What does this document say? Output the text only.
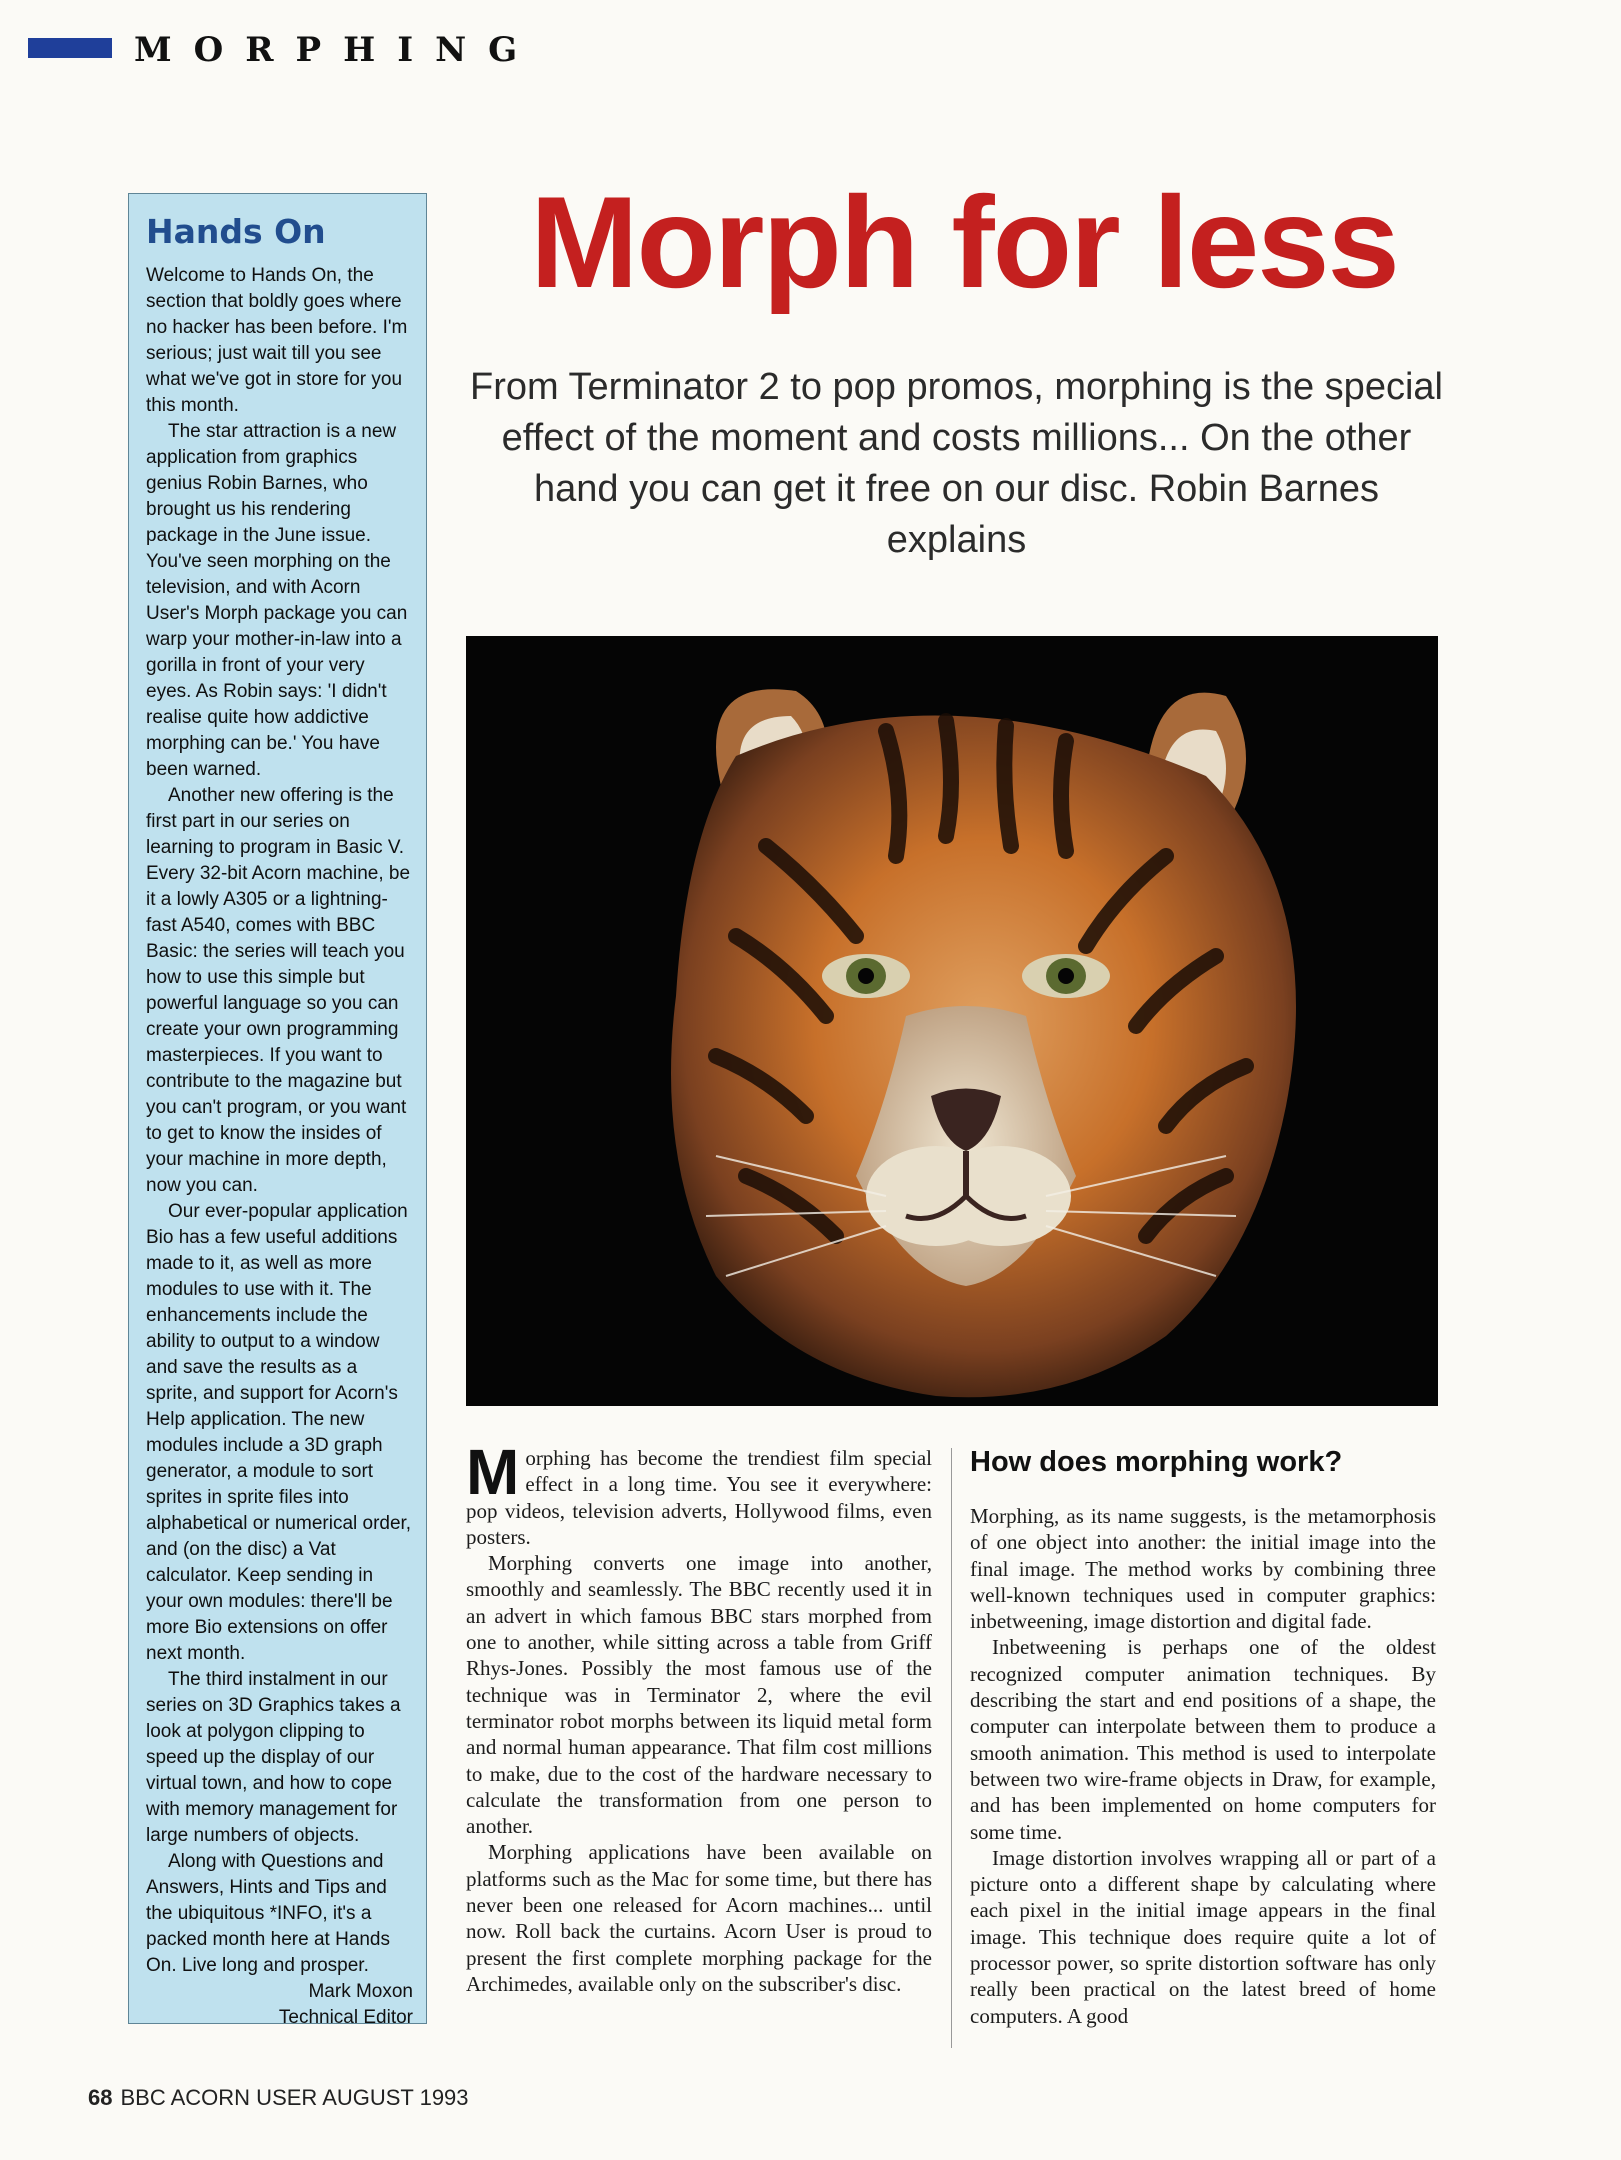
MORPHING
Hands On

Welcome to Hands On, the section that boldly goes where no hacker has been before. I'm serious; just wait till you see what we've got in store for you this month.

The star attraction is a new application from graphics genius Robin Barnes, who brought us his rendering package in the June issue. You've seen morphing on the television, and with Acorn User's Morph package you can warp your mother-in-law into a gorilla in front of your very eyes. As Robin says: 'I didn't realise quite how addictive morphing can be.' You have been warned.

Another new offering is the first part in our series on learning to program in Basic V. Every 32-bit Acorn machine, be it a lowly A305 or a lightning-fast A540, comes with BBC Basic: the series will teach you how to use this simple but powerful language so you can create your own programming masterpieces. If you want to contribute to the magazine but you can't program, or you want to get to know the insides of your machine in more depth, now you can.

Our ever-popular application Bio has a few useful additions made to it, as well as more modules to use with it. The enhancements include the ability to output to a window and save the results as a sprite, and support for Acorn's Help application. The new modules include a 3D graph generator, a module to sort sprites in sprite files into alphabetical or numerical order, and (on the disc) a Vat calculator. Keep sending in your own modules: there'll be more Bio extensions on offer next month.

The third instalment in our series on 3D Graphics takes a look at polygon clipping to speed up the display of our virtual town, and how to cope with memory management for large numbers of objects.

Along with Questions and Answers, Hints and Tips and the ubiquitous *INFO, it's a packed month here at Hands On. Live long and prosper.

Mark Moxon

Technical Editor

Morph for less
From Terminator 2 to pop promos, morphing is the special effect of the moment and costs millions... On the other hand you can get it free on our disc. Robin Barnes explains

Morphing has become the trendiest film special effect in a long time. You see it everywhere: pop videos, television adverts, Hollywood films, even posters.

Morphing converts one image into another, smoothly and seamlessly. The BBC recently used it in an advert in which famous BBC stars morphed from one to another, while sitting across a table from Griff Rhys-Jones. Possibly the most famous use of the technique was in Terminator 2, where the evil terminator robot morphs between its liquid metal form and normal human appearance. That film cost millions to make, due to the cost of the hardware necessary to calculate the transformation from one person to another.

Morphing applications have been available on platforms such as the Mac for some time, but there has never been one released for Acorn machines... until now. Roll back the curtains. Acorn User is proud to present the first complete morphing package for the Archimedes, available only on the subscriber's disc.

How does morphing work?

Morphing, as its name suggests, is the metamorphosis of one object into another: the initial image into the final image. The method works by combining three well-known techniques used in computer graphics: inbetweening, image distortion and digital fade.

Inbetweening is perhaps one of the oldest recognized computer animation techniques. By describing the start and end positions of a shape, the computer can interpolate between them to produce a smooth animation. This method is used to interpolate between two wire-frame objects in Draw, for example, and has been implemented on home computers for some time.

Image distortion involves wrapping all or part of a picture onto a different shape by calculating where each pixel in the initial image appears in the final image. This technique does require quite a lot of processor power, so sprite distortion software has only really been practical on the latest breed of home computers. A good

68 BBC ACORN USER AUGUST 1993
